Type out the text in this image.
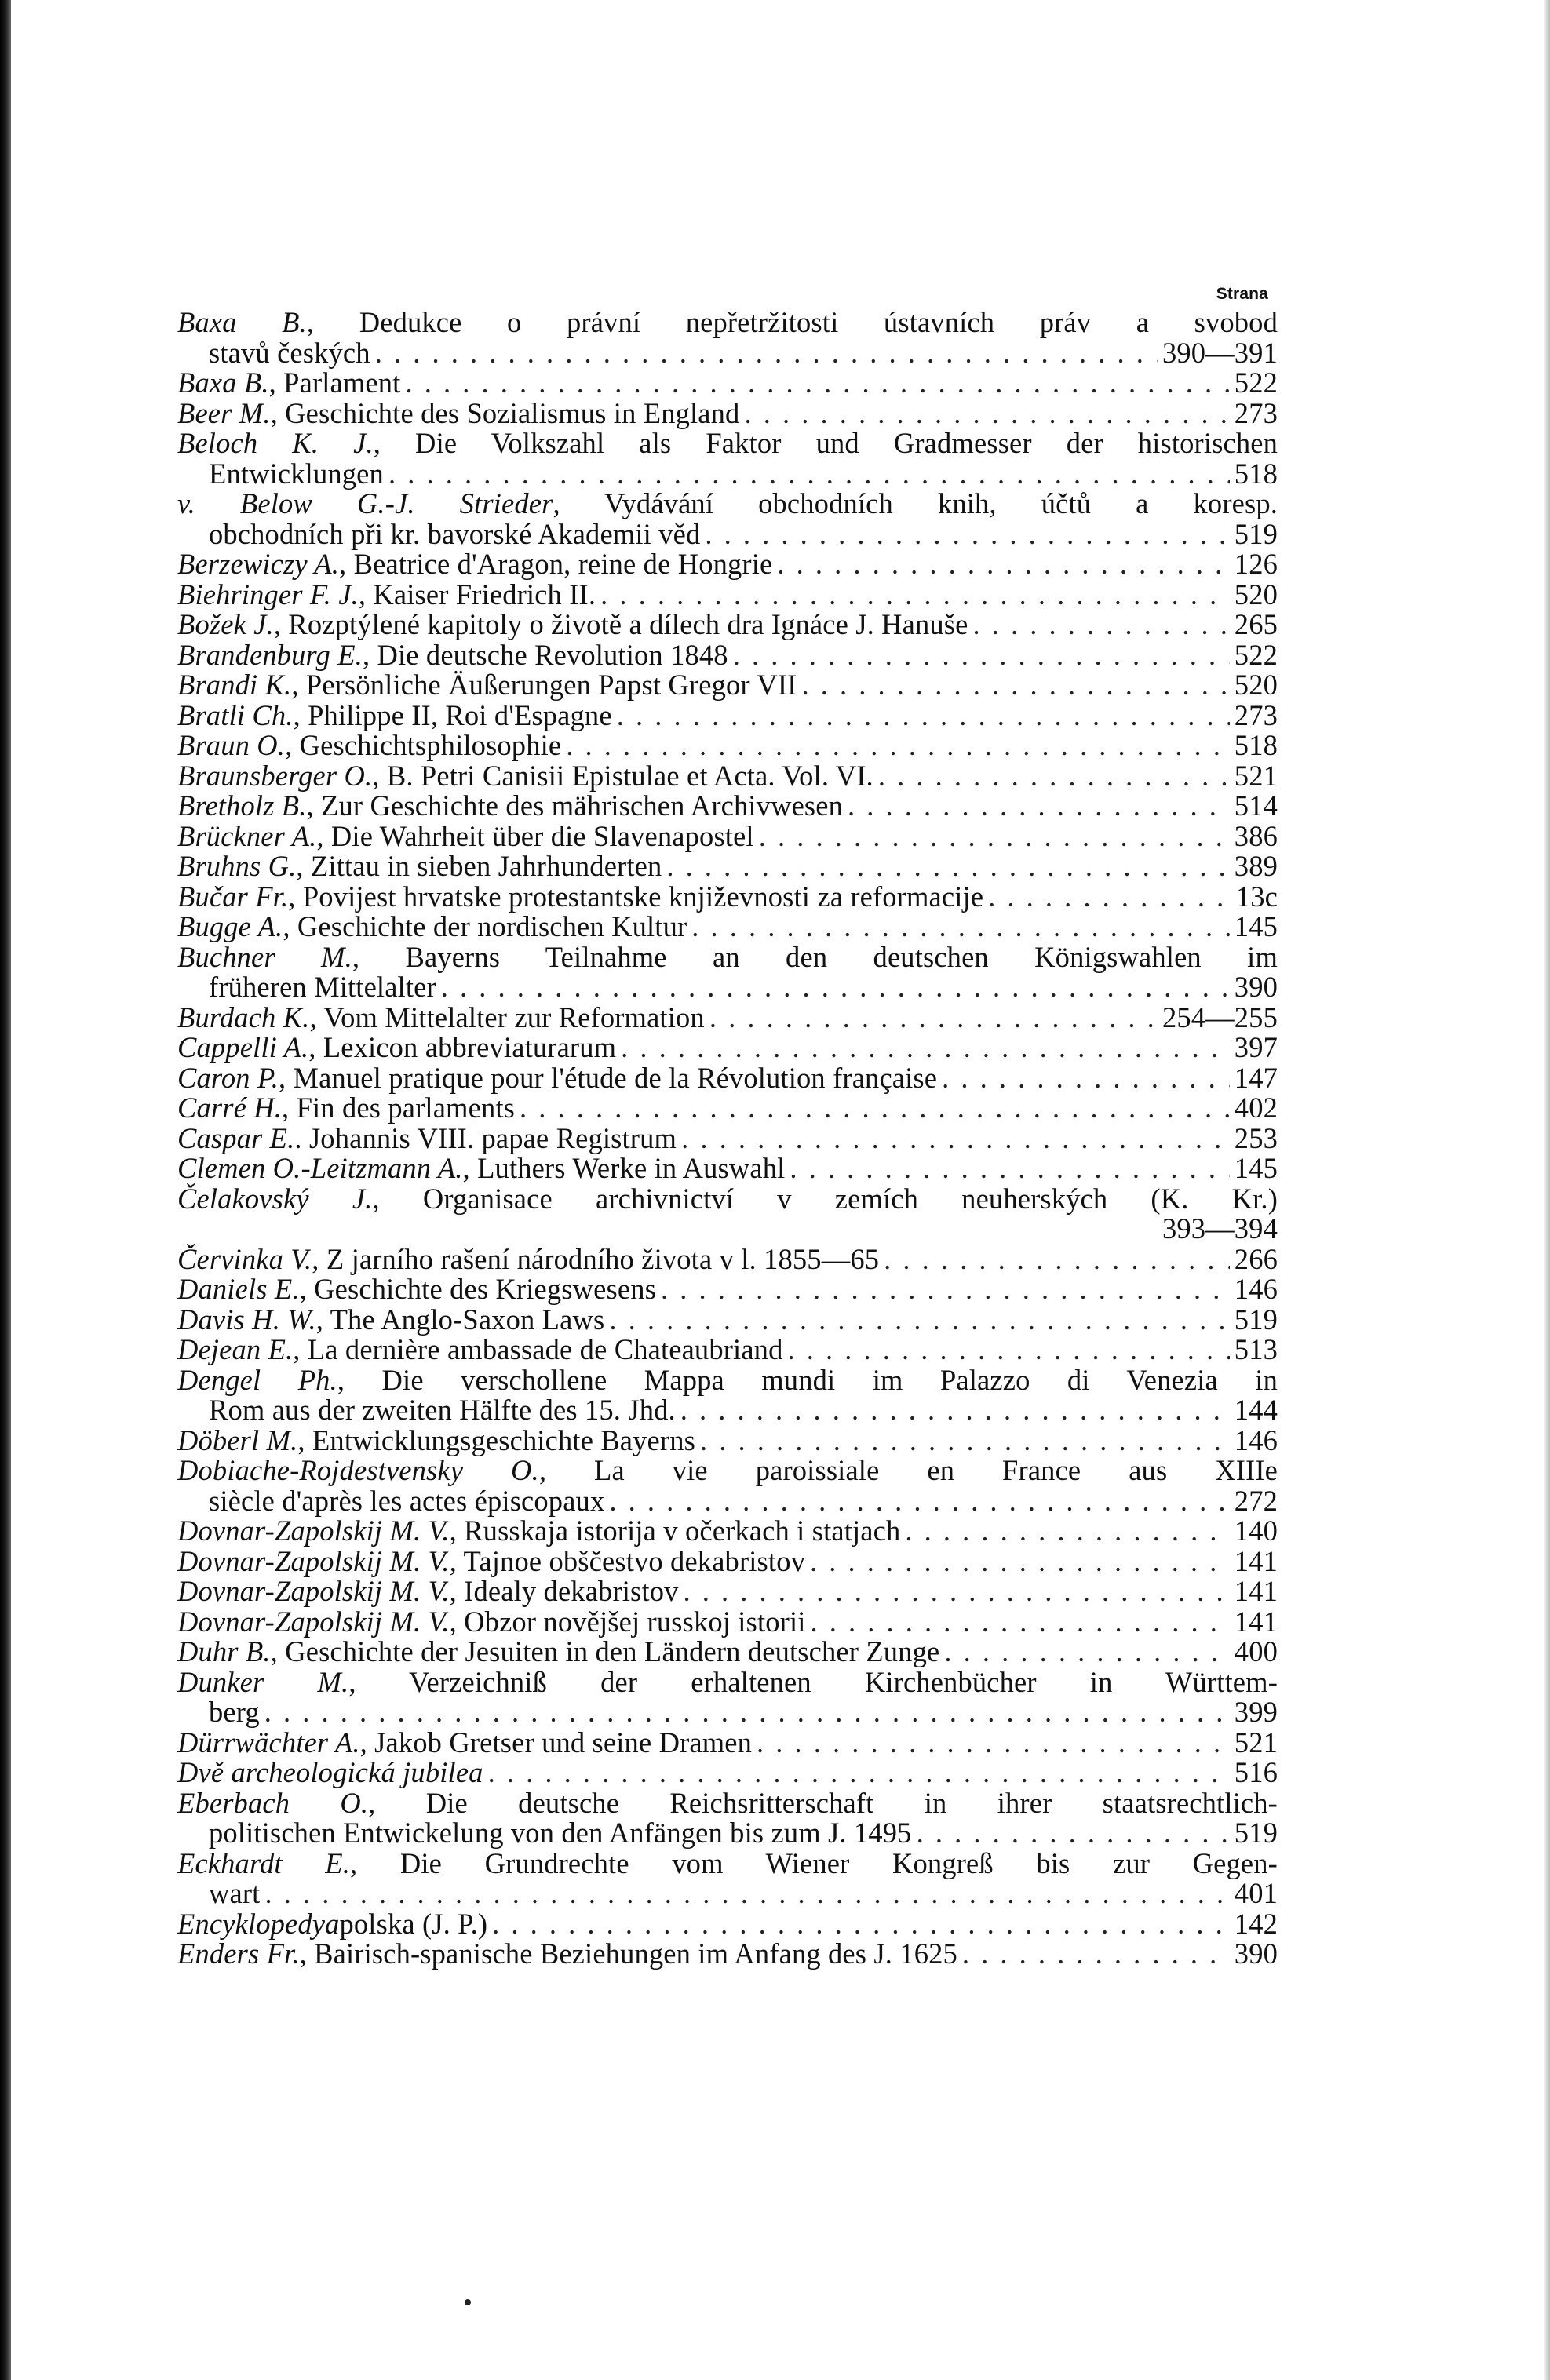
Strana
Baxa B., Dedukce o právní nepřetržitosti ústavních práv a svobod
stavů českých . . .	390—391
Baxa B. , Parlament . . .	522
Beer M. , Geschichte des Sozialismus in England . . .	273
Beloch K. J., Die Volkszahl als Faktor und Gradmesser der historischen
Entwicklungen . . .	518
v. Below G.-J. Strieder, Vydávání obchodních knih, účtů a koresp.
obchodních při kr. bavorské Akademii věd . . .	519
Berzewiczy A. , Beatrice d'Aragon, reine de Hongrie . . .	126
Biehringer F. J. , Kaiser Friedrich II. . . .	520
Božek J. , Rozptýlené kapitoly o životě a dílech dra Ignáce J. Hanuše . . .	265
Brandenburg E. , Die deutsche Revolution 1848 . . .	522
Brandi K. , Persönliche Äußerungen Papst Gregor VII . . .	520
Bratli Ch. , Philippe II, Roi d'Espagne . . .	273
Braun O. , Geschichtsphilosophie . . .	518
Braunsberger O. , B. Petri Canisii Epistulae et Acta. Vol. VI. . . .	521
Bretholz B. , Zur Geschichte des mährischen Archivwesen . . .	514
Brückner A. , Die Wahrheit über die Slavenapostel . . .	386
Bruhns G. , Zittau in sieben Jahrhunderten . . .	389
Bučar Fr. , Povijest hrvatske protestantske književnosti za reformacije . . .	13c
Bugge A. , Geschichte der nordischen Kultur . . .	145
Buchner M., Bayerns Teilnahme an den deutschen Königswahlen im
früheren Mittelalter . . .	390
Burdach K. , Vom Mittelalter zur Reformation . . .	254—255
Cappelli A. , Lexicon abbreviaturarum . . .	397
Caron P. , Manuel pratique pour l'étude de la Révolution française . . .	147
Carré H. , Fin des parlaments . . .	402
Caspar E. . Johannis VIII. papae Registrum . . .	253
Clemen O.-Leitzmann A. , Luthers Werke in Auswahl . . .	145
Čelakovský J., Organisace archivnictví v zemích neuherských (K. Kr.)
393—394
Červinka V. , Z jarního rašení národního života v l. 1855—65 . . .	266
Daniels E. , Geschichte des Kriegswesens . . .	146
Davis H. W. , The Anglo-Saxon Laws . . .	519
Dejean E. , La dernière ambassade de Chateaubriand . . .	513
Dengel Ph., Die verschollene Mappa mundi im Palazzo di Venezia in
Rom aus der zweiten Hälfte des 15. Jhd. . . .	144
Döberl M. , Entwicklungsgeschichte Bayerns . . .	146
Dobiache-Rojdestvensky O., La vie paroissiale en France aus XIIIe
siècle d'après les actes épiscopaux . . .	272
Dovnar-Zapolskij M. V. , Russkaja istorija v očerkach i statjach . . .	140
Dovnar-Zapolskij M. V. , Tajnoe obščestvo dekabristov . . .	141
Dovnar-Zapolskij M. V. , Idealy dekabristov . . .	141
Dovnar-Zapolskij M. V. , Obzor novějšej russkoj istorii . . .	141
Duhr B. , Geschichte der Jesuiten in den Ländern deutscher Zunge . . .	400
Dunker M., Verzeichniß der erhaltenen Kirchenbücher in Württem-
berg . . .	399
Dürrwächter A. , Jakob Gretser und seine Dramen . . .	521
Dvě archeologická jubilea . . .	516
Eberbach O., Die deutsche Reichsritterschaft in ihrer staatsrechtlich-
politischen Entwickelung von den Anfängen bis zum J. 1495 . . .	519
Eckhardt E., Die Grundrechte vom Wiener Kongreß bis zur Gegen-
wart . . .	401
Encyklopedya polska (J. P.) . . .	142
Enders Fr. , Bairisch-spanische Beziehungen im Anfang des J. 1625 . . .	390
